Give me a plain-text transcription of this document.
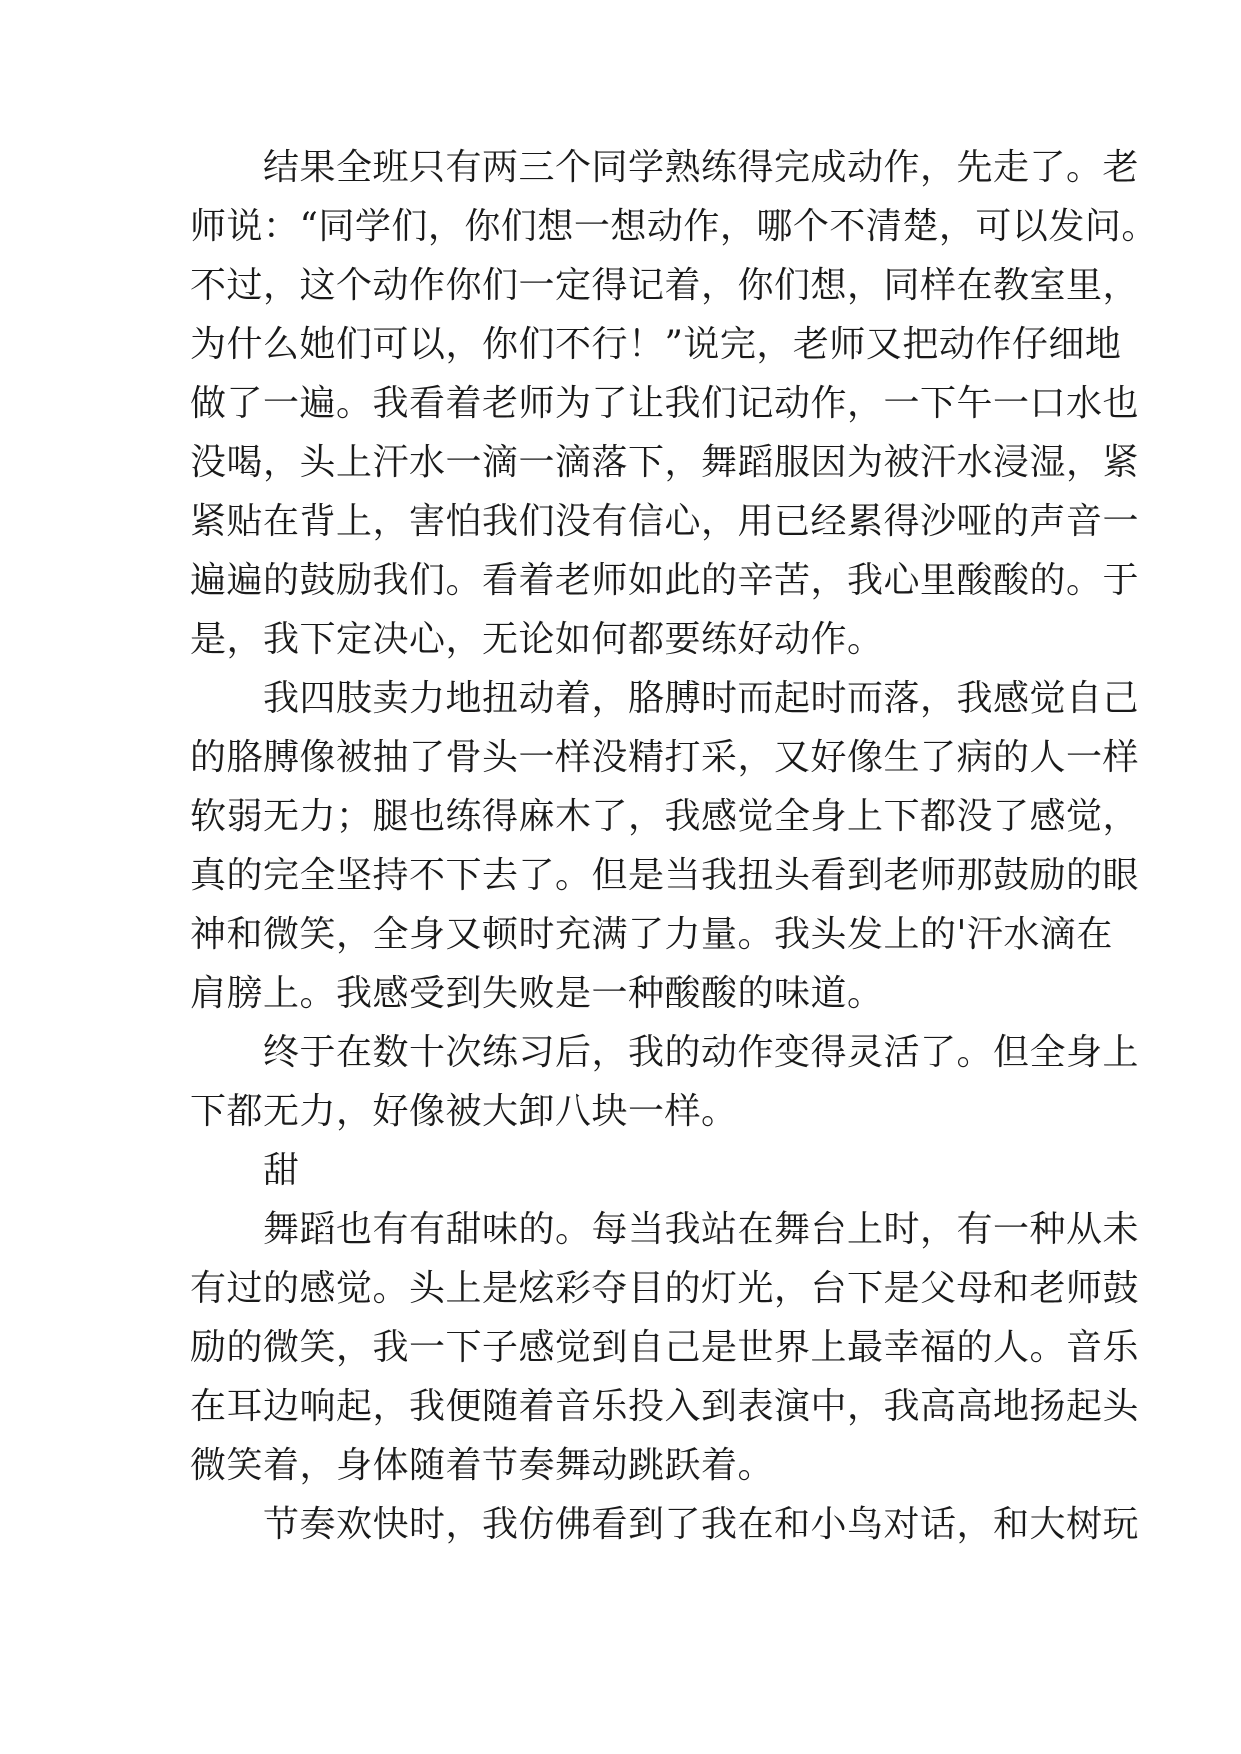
　　结果全班只有两三个同学熟练得完成动作，先走了。老
师说：“同学们，你们想一想动作，哪个不清楚，可以发问。
不过，这个动作你们一定得记着，你们想，同样在教室里，
为什么她们可以，你们不行！”说完，老师又把动作仔细地
做了一遍。我看着老师为了让我们记动作，一下午一口水也
没喝，头上汗水一滴一滴落下，舞蹈服因为被汗水浸湿，紧
紧贴在背上，害怕我们没有信心，用已经累得沙哑的声音一
遍遍的鼓励我们。看着老师如此的辛苦，我心里酸酸的。于
是，我下定决心，无论如何都要练好动作。
　　我四肢卖力地扭动着，胳膊时而起时而落，我感觉自己
的胳膊像被抽了骨头一样没精打采，又好像生了病的人一样
软弱无力；腿也练得麻木了，我感觉全身上下都没了感觉，
真的完全坚持不下去了。但是当我扭头看到老师那鼓励的眼
神和微笑，全身又顿时充满了力量。我头发上的'汗水滴在
肩膀上。我感受到失败是一种酸酸的味道。
　　终于在数十次练习后，我的动作变得灵活了。但全身上
下都无力，好像被大卸八块一样。
　　甜
　　舞蹈也有有甜味的。每当我站在舞台上时，有一种从未
有过的感觉。头上是炫彩夺目的灯光，台下是父母和老师鼓
励的微笑，我一下子感觉到自己是世界上最幸福的人。音乐
在耳边响起，我便随着音乐投入到表演中，我高高地扬起头
微笑着，身体随着节奏舞动跳跃着。
　　节奏欢快时，我仿佛看到了我在和小鸟对话，和大树玩
